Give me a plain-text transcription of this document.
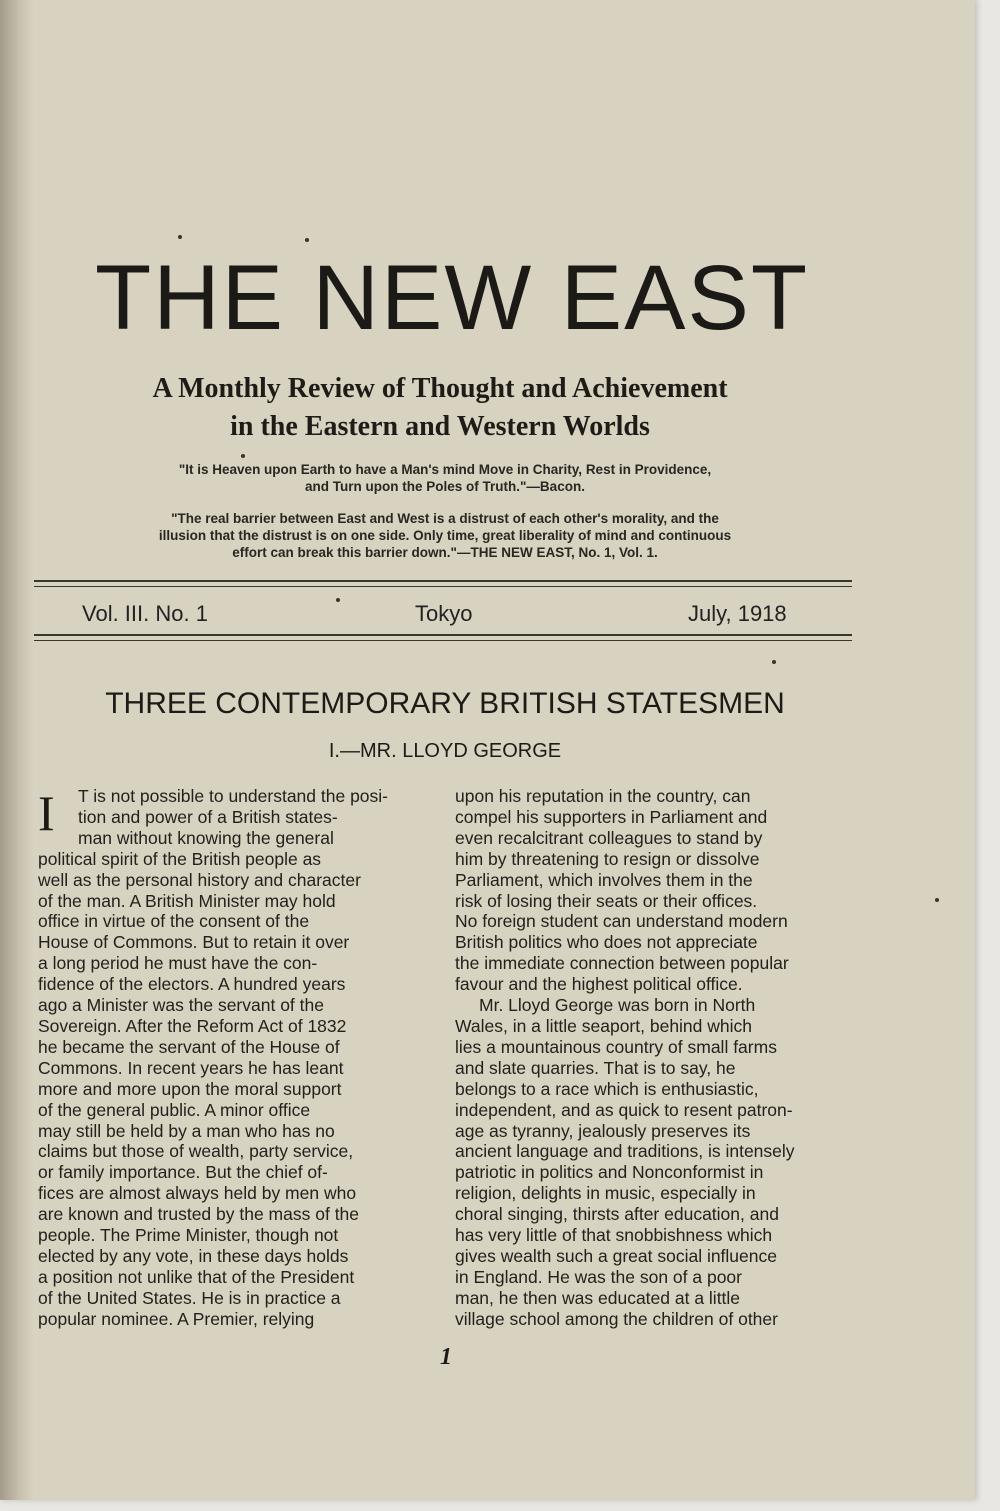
THE NEW EAST
A Monthly Review of Thought and Achievement
in the Eastern and Western Worlds
"It is Heaven upon Earth to have a Man's mind Move in Charity, Rest in Providence,
and Turn upon the Poles of Truth."—Bacon.
"The real barrier between East and West is a distrust of each other's morality, and the
illusion that the distrust is on one side. Only time, great liberality of mind and continuous
effort can break this barrier down."—THE NEW EAST, No. 1, Vol. 1.
Vol. III. No. 1	Tokyo	July, 1918
THREE CONTEMPORARY BRITISH STATESMEN
I.—MR. LLOYD GEORGE
I	T is not possible to understand the posi-
tion and power of a British states-
man without knowing the general
political spirit of the British people as
well as the personal history and character
of the man. A British Minister may hold
office in virtue of the consent of the
House of Commons. But to retain it over
a long period he must have the con-
fidence of the electors. A hundred years
ago a Minister was the servant of the
Sovereign. After the Reform Act of 1832
he became the servant of the House of
Commons. In recent years he has leant
more and more upon the moral support
of the general public. A minor office
may still be held by a man who has no
claims but those of wealth, party service,
or family importance. But the chief of-
fices are almost always held by men who
are known and trusted by the mass of the
people. The Prime Minister, though not
elected by any vote, in these days holds
a position not unlike that of the President
of the United States. He is in practice a
popular nominee. A Premier, relying
upon his reputation in the country, can
compel his supporters in Parliament and
even recalcitrant colleagues to stand by
him by threatening to resign or dissolve
Parliament, which involves them in the
risk of losing their seats or their offices.
No foreign student can understand modern
British politics who does not appreciate
the immediate connection between popular
favour and the highest political office.
Mr. Lloyd George was born in North
Wales, in a little seaport, behind which
lies a mountainous country of small farms
and slate quarries. That is to say, he
belongs to a race which is enthusiastic,
independent, and as quick to resent patron-
age as tyranny, jealously preserves its
ancient language and traditions, is intensely
patriotic in politics and Nonconformist in
religion, delights in music, especially in
choral singing, thirsts after education, and
has very little of that snobbishness which
gives wealth such a great social influence
in England. He was the son of a poor
man, he then was educated at a little
village school among the children of other
1
